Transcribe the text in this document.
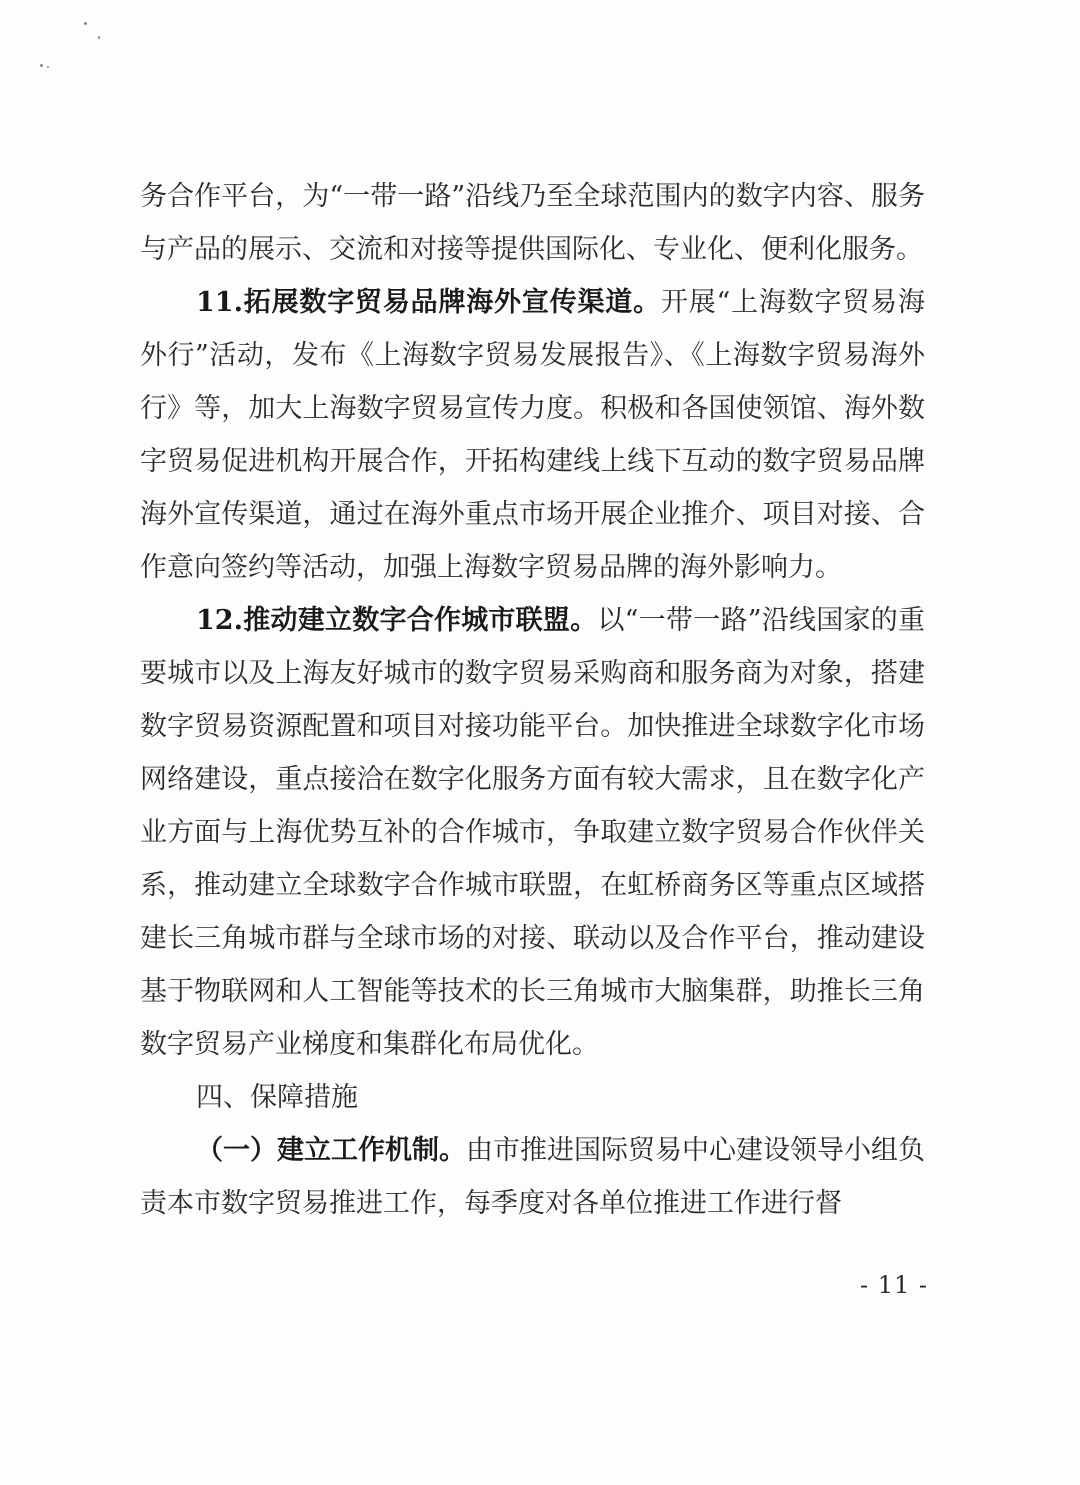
务合作平台，为“一带一路”沿线乃至全球范围内的数字内容、服务与产品的展示、交流和对接等提供国际化、专业化、便利化服务。

11.拓展数字贸易品牌海外宣传渠道。开展“上海数字贸易海外行”活动，发布《上海数字贸易发展报告》、《上海数字贸易海外行》等，加大上海数字贸易宣传力度。积极和各国使领馆、海外数字贸易促进机构开展合作，开拓构建线上线下互动的数字贸易品牌海外宣传渠道，通过在海外重点市场开展企业推介、项目对接、合作意向签约等活动，加强上海数字贸易品牌的海外影响力。

12.推动建立数字合作城市联盟。以“一带一路”沿线国家的重要城市以及上海友好城市的数字贸易采购商和服务商为对象，搭建数字贸易资源配置和项目对接功能平台。加快推进全球数字化市场网络建设，重点接洽在数字化服务方面有较大需求，且在数字化产业方面与上海优势互补的合作城市，争取建立数字贸易合作伙伴关系，推动建立全球数字合作城市联盟，在虹桥商务区等重点区域搭建长三角城市群与全球市场的对接、联动以及合作平台，推动建设基于物联网和人工智能等技术的长三角城市大脑集群，助推长三角数字贸易产业梯度和集群化布局优化。

四、保障措施

（一）建立工作机制。由市推进国际贸易中心建设领导小组负责本市数字贸易推进工作，每季度对各单位推进工作进行督

- 11 -
